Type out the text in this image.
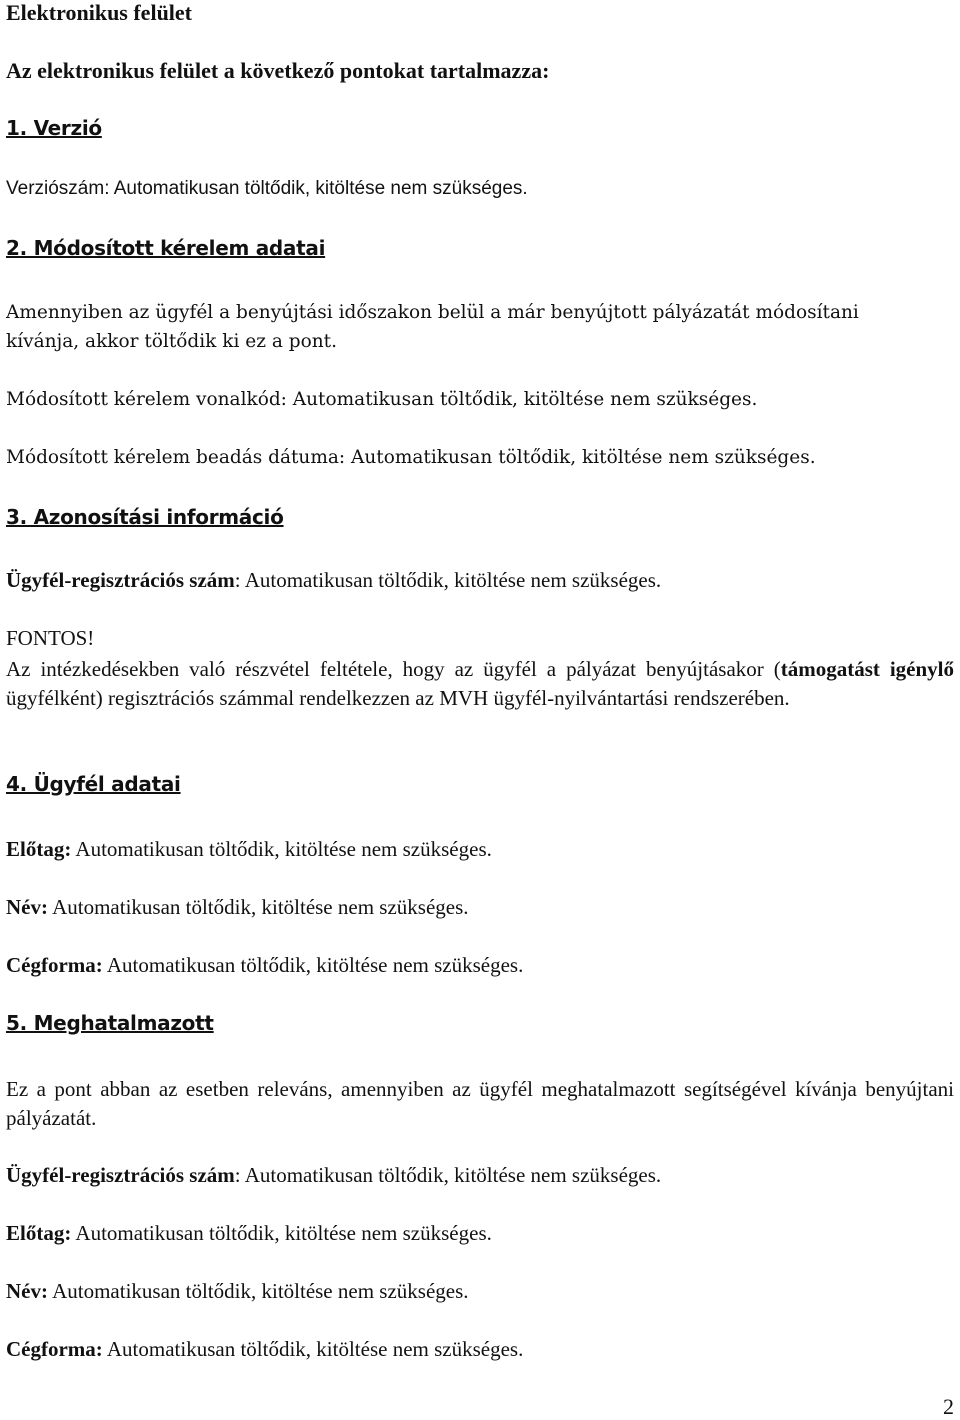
Elektronikus felület

Az elektronikus felület a következő pontokat tartalmazza:

1. Verzió

Verziószám: Automatikusan töltődik, kitöltése nem szükséges.

2. Módosított kérelem adatai

Amennyiben az ügyfél a benyújtási időszakon belül a már benyújtott pályázatát módosítani

kívánja, akkor töltődik ki ez a pont.

Módosított kérelem vonalkód: Automatikusan töltődik, kitöltése nem szükséges.

Módosított kérelem beadás dátuma: Automatikusan töltődik, kitöltése nem szükséges.

3. Azonosítási információ

Ügyfél-regisztrációs szám: Automatikusan töltődik, kitöltése nem szükséges.

FONTOS!

Az intézkedésekben való részvétel feltétele, hogy az ügyfél a pályázat benyújtásakor (támogatást igénylő ügyfélként) regisztrációs számmal rendelkezzen az MVH ügyfél-nyilvántartási rendszerében.

4. Ügyfél adatai

Előtag: Automatikusan töltődik, kitöltése nem szükséges.

Név: Automatikusan töltődik, kitöltése nem szükséges.

Cégforma: Automatikusan töltődik, kitöltése nem szükséges.

5. Meghatalmazott

Ez a pont abban az esetben releváns, amennyiben az ügyfél meghatalmazott segítségével kívánja benyújtani pályázatát.

Ügyfél-regisztrációs szám: Automatikusan töltődik, kitöltése nem szükséges.

Előtag: Automatikusan töltődik, kitöltése nem szükséges.

Név: Automatikusan töltődik, kitöltése nem szükséges.

Cégforma: Automatikusan töltődik, kitöltése nem szükséges.

2
